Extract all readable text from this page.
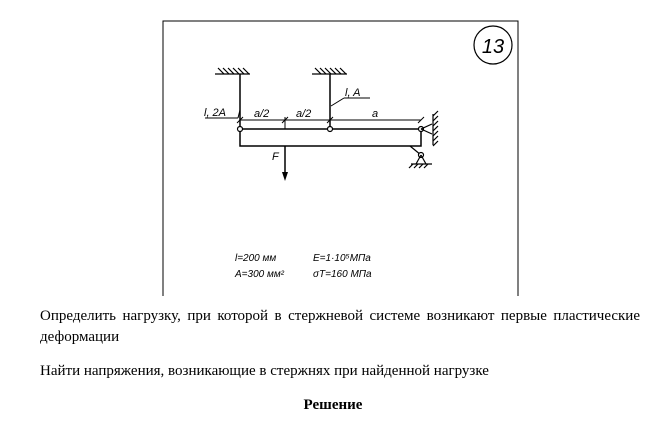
13
a/2 a/2	a
l, 2A
l, A
F
l=200 мм
A=300 мм²
E=1·10⁵МПа
σT=160 МПа

Определить нагрузку, при которой в стержневой системе возникают первые пластические деформации

Найти напряжения, возникающие в стержнях при найденной нагрузке

Решение
